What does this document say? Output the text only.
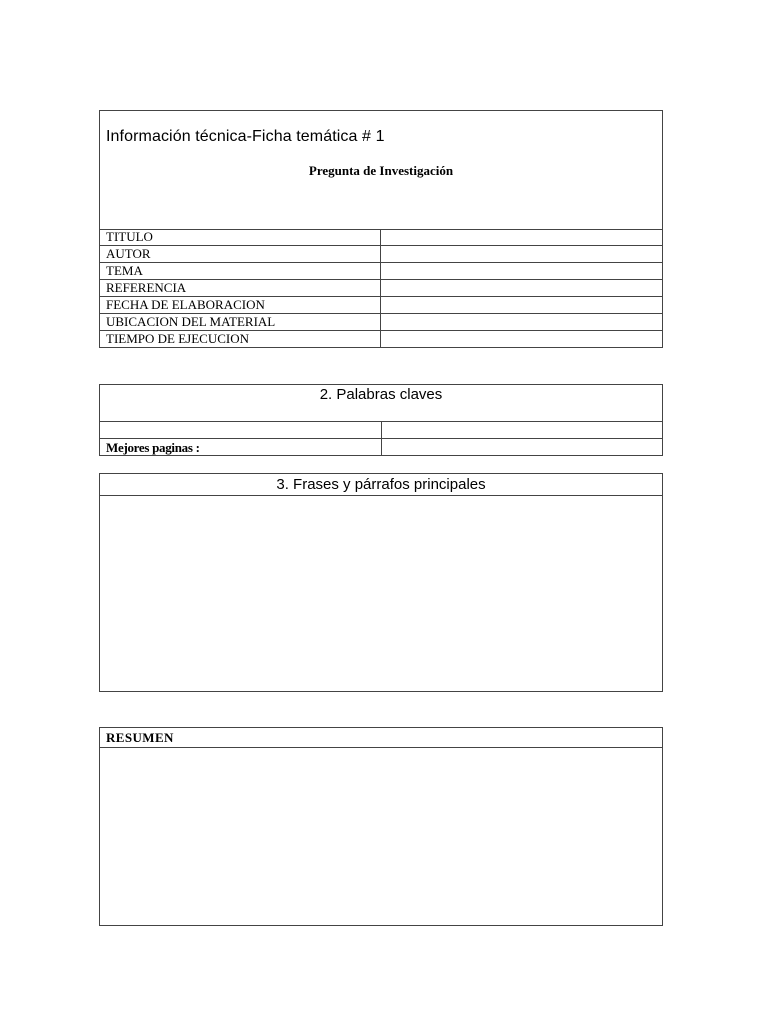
Información técnica-Ficha temática # 1
Pregunta de Investigación
TITULO	
AUTOR	
TEMA	
REFERENCIA	
FECHA DE ELABORACION	
UBICACION DEL MATERIAL	
TIEMPO DE EJECUCION	
2. Palabras claves
Mejores paginas :
3. Frases y párrafos principales
RESUMEN
